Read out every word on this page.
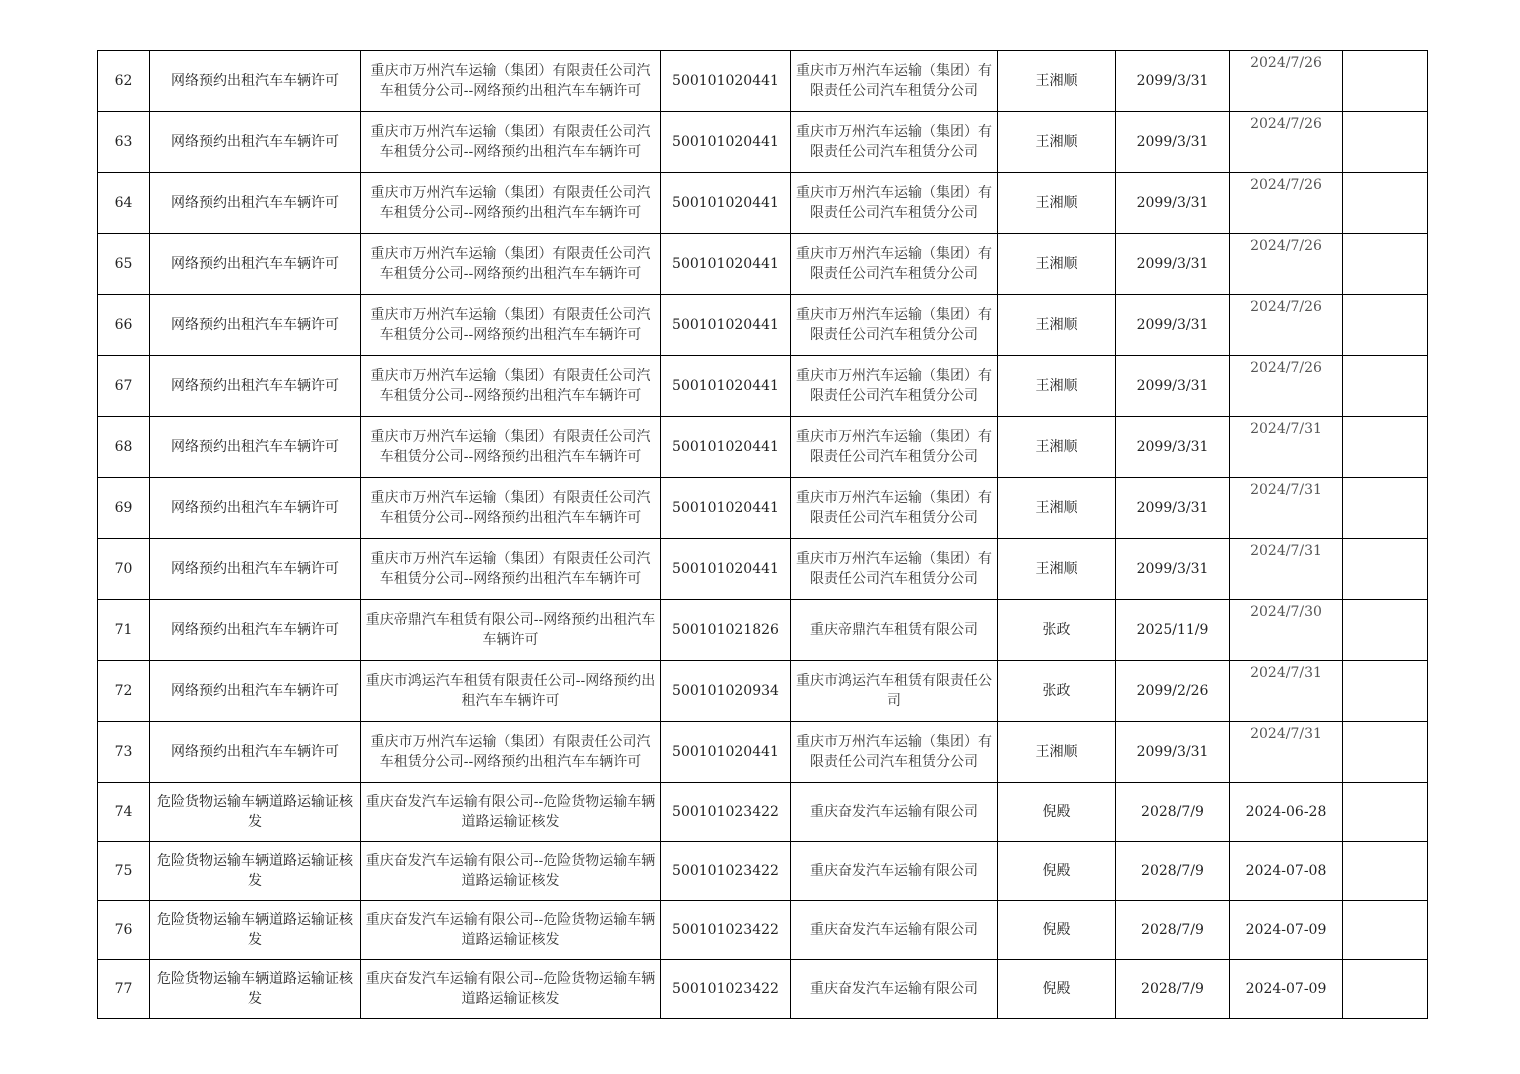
62	网络预约出租汽车车辆许可	重庆市万州汽车运输（集团）有限责任公司汽车租赁分公司--网络预约出租汽车车辆许可	500101020441	重庆市万州汽车运输（集团）有限责任公司汽车租赁分公司	王湘顺	2099/3/31	2024/7/26	
63	网络预约出租汽车车辆许可	重庆市万州汽车运输（集团）有限责任公司汽车租赁分公司--网络预约出租汽车车辆许可	500101020441	重庆市万州汽车运输（集团）有限责任公司汽车租赁分公司	王湘顺	2099/3/31	2024/7/26	
64	网络预约出租汽车车辆许可	重庆市万州汽车运输（集团）有限责任公司汽车租赁分公司--网络预约出租汽车车辆许可	500101020441	重庆市万州汽车运输（集团）有限责任公司汽车租赁分公司	王湘顺	2099/3/31	2024/7/26	
65	网络预约出租汽车车辆许可	重庆市万州汽车运输（集团）有限责任公司汽车租赁分公司--网络预约出租汽车车辆许可	500101020441	重庆市万州汽车运输（集团）有限责任公司汽车租赁分公司	王湘顺	2099/3/31	2024/7/26	
66	网络预约出租汽车车辆许可	重庆市万州汽车运输（集团）有限责任公司汽车租赁分公司--网络预约出租汽车车辆许可	500101020441	重庆市万州汽车运输（集团）有限责任公司汽车租赁分公司	王湘顺	2099/3/31	2024/7/26	
67	网络预约出租汽车车辆许可	重庆市万州汽车运输（集团）有限责任公司汽车租赁分公司--网络预约出租汽车车辆许可	500101020441	重庆市万州汽车运输（集团）有限责任公司汽车租赁分公司	王湘顺	2099/3/31	2024/7/26	
68	网络预约出租汽车车辆许可	重庆市万州汽车运输（集团）有限责任公司汽车租赁分公司--网络预约出租汽车车辆许可	500101020441	重庆市万州汽车运输（集团）有限责任公司汽车租赁分公司	王湘顺	2099/3/31	2024/7/31	
69	网络预约出租汽车车辆许可	重庆市万州汽车运输（集团）有限责任公司汽车租赁分公司--网络预约出租汽车车辆许可	500101020441	重庆市万州汽车运输（集团）有限责任公司汽车租赁分公司	王湘顺	2099/3/31	2024/7/31	
70	网络预约出租汽车车辆许可	重庆市万州汽车运输（集团）有限责任公司汽车租赁分公司--网络预约出租汽车车辆许可	500101020441	重庆市万州汽车运输（集团）有限责任公司汽车租赁分公司	王湘顺	2099/3/31	2024/7/31	
71	网络预约出租汽车车辆许可	重庆帝鼎汽车租赁有限公司--网络预约出租汽车车辆许可	500101021826	重庆帝鼎汽车租赁有限公司	张政	2025/11/9	2024/7/30	
72	网络预约出租汽车车辆许可	重庆市鸿运汽车租赁有限责任公司--网络预约出租汽车车辆许可	500101020934	重庆市鸿运汽车租赁有限责任公司	张政	2099/2/26	2024/7/31	
73	网络预约出租汽车车辆许可	重庆市万州汽车运输（集团）有限责任公司汽车租赁分公司--网络预约出租汽车车辆许可	500101020441	重庆市万州汽车运输（集团）有限责任公司汽车租赁分公司	王湘顺	2099/3/31	2024/7/31	
74	危险货物运输车辆道路运输证核发	重庆奋发汽车运输有限公司--危险货物运输车辆道路运输证核发	500101023422	重庆奋发汽车运输有限公司	倪殿	2028/7/9	2024-06-28	
75	危险货物运输车辆道路运输证核发	重庆奋发汽车运输有限公司--危险货物运输车辆道路运输证核发	500101023422	重庆奋发汽车运输有限公司	倪殿	2028/7/9	2024-07-08	
76	危险货物运输车辆道路运输证核发	重庆奋发汽车运输有限公司--危险货物运输车辆道路运输证核发	500101023422	重庆奋发汽车运输有限公司	倪殿	2028/7/9	2024-07-09	
77	危险货物运输车辆道路运输证核发	重庆奋发汽车运输有限公司--危险货物运输车辆道路运输证核发	500101023422	重庆奋发汽车运输有限公司	倪殿	2028/7/9	2024-07-09	
